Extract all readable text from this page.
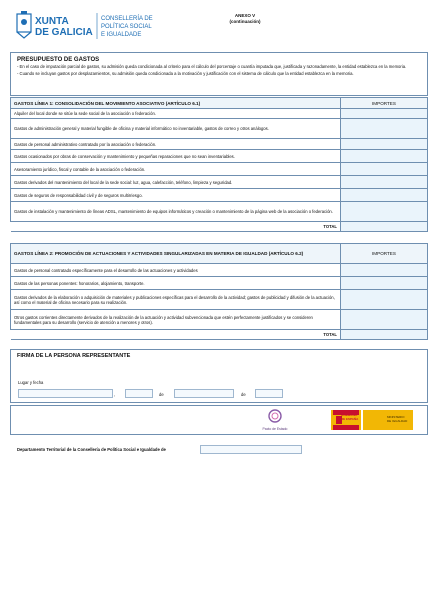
XUNTA
DE GALICIA
CONSELLERÍA DE
POLÍTICA SOCIAL
E IGUALDADE
ANEXO V
(continuación)
PRESUPUESTO DE GASTOS
- En el caso de imputación parcial de gastos, su admisión queda condicionada al criterio para el cálculo del porcentaje o cuantía imputada que, justificada y razonadamente, la entidad establezca en la memoria.
- Cuando se incluyan gastos por desplazamientos, su admisión queda condicionada a la motivación y justificación con el sistema de cálculo que la entidad establezca en la memoria.
GASTOS LÍNEA 1: CONSOLIDACIÓN DEL MOVIMIENTO ASOCIATIVO (ARTÍCULO 6.1)	IMPORTES
Alquiler del local donde se sitúe la sede social de la asociación o federación.	
Gastos de administración general y material fungible de oficina y material informático no inventariable, gastos de correo y otros análogos.	
Gastos de personal administrativo contratado por la asociación o federación.	
Gastos ocasionados por obras de conservación y mantenimiento y pequeñas reparaciones que no sean inventariables.	
Asesoramiento jurídico, fiscal y contable de la asociación o federación.	
Gastos derivados del mantenimiento del local de la sede social: luz, agua, calefacción, teléfono, limpieza y seguridad.	
Gastos de seguros de responsabilidad civil y de seguros multirriesgo.	
Gastos de instalación y mantenimiento de líneas ADSL, mantenimiento de equipos informáticos y creación o mantenimiento de la página web de la asociación o federación.	
TOTAL	
GASTOS LÍNEA 2: PROMOCIÓN DE ACTUACIONES Y ACTIVIDADES SINGULARIZADAS EN MATERIA DE IGUALDAD (ARTÍCULO 6.2)	IMPORTES
Gastos de personal contratado específicamente para el desarrollo de las actuaciones y actividades	
Gastos de las personas ponentes: honorarios, alojamiento, transporte.	
Gastos derivados de la elaboración o adquisición de materiales y publicaciones específicas para el desarrollo de la actividad; gastos de publicidad y difusión de la actuación, así como el material de oficina necesario para su realización.	
Otros gastos corrientes directamente derivados de la realización de la actuación y actividad subvencionada que estén perfectamente justificados y se consideren fundamentales para su desarrollo (servicio de atención a menores y otros).	
TOTAL	
FIRMA DE LA PERSONA REPRESENTANTE
Lugar y fecha
,	de	de
Pacto de Estado
GOBIERNO
DE ESPAÑA	MINISTERIO
DE IGUALDAD
Departamento Territorial de la Consellería de Política Social e Igualdade de
